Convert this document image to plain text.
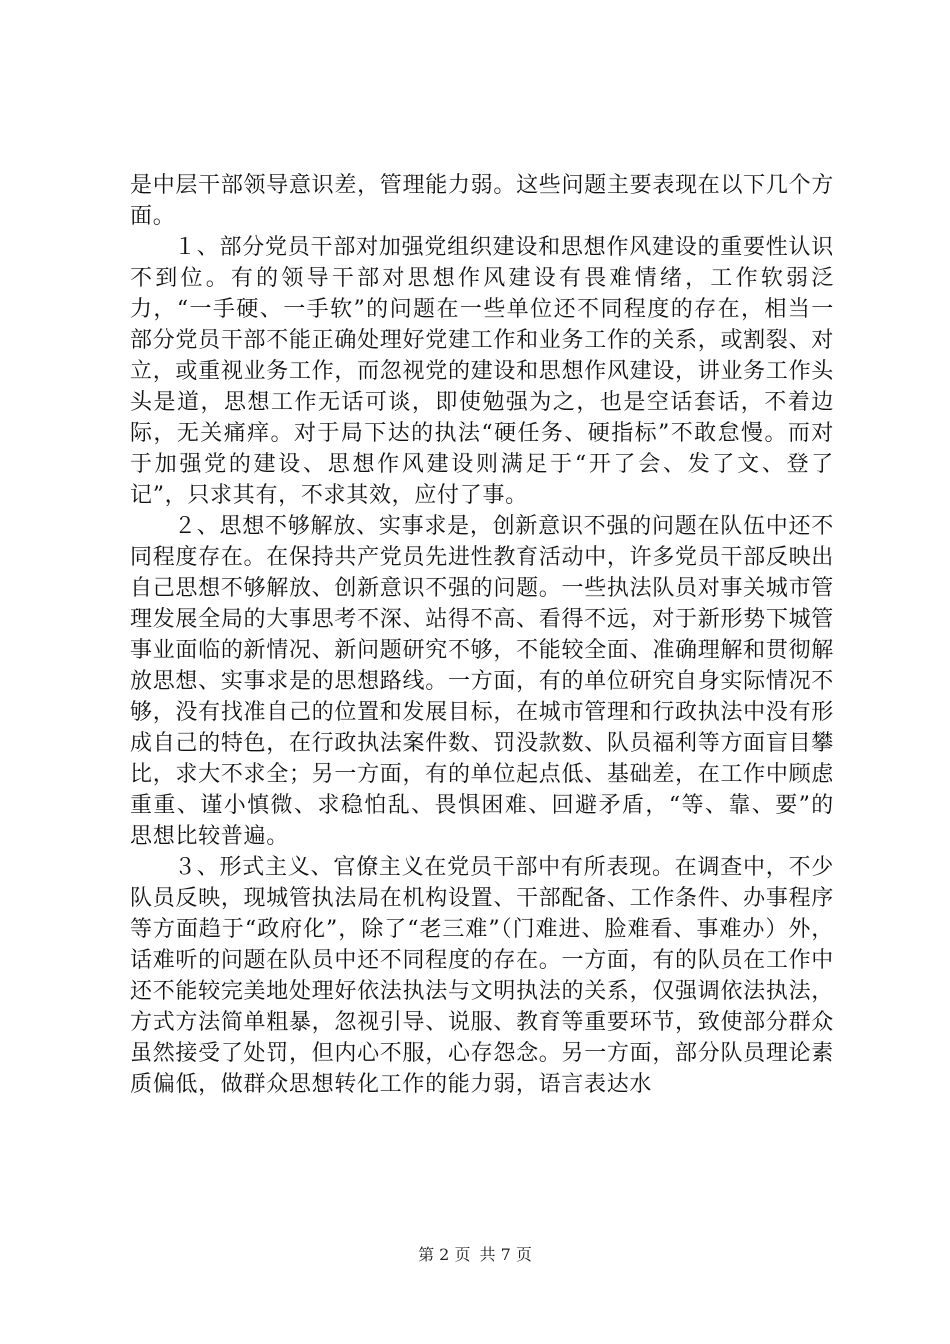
是中层干部领导意识差，管理能力弱。这些问题主要表现在以下几个方面。

１、部分党员干部对加强党组织建设和思想作风建设的重要性认识不到位。有的领导干部对思想作风建设有畏难情绪，工作软弱泛力，“一手硬、一手软”的问题在一些单位还不同程度的存在，相当一部分党员干部不能正确处理好党建工作和业务工作的关系，或割裂、对立，或重视业务工作，而忽视党的建设和思想作风建设，讲业务工作头头是道，思想工作无话可谈，即使勉强为之，也是空话套话，不着边际，无关痛痒。对于局下达的执法“硬任务、硬指标”不敢怠慢。而对于加强党的建设、思想作风建设则满足于“开了会、发了文、登了记”，只求其有，不求其效，应付了事。

２、思想不够解放、实事求是，创新意识不强的问题在队伍中还不同程度存在。在保持共产党员先进性教育活动中，许多党员干部反映出自己思想不够解放、创新意识不强的问题。一些执法队员对事关城市管理发展全局的大事思考不深、站得不高、看得不远，对于新形势下城管事业面临的新情况、新问题研究不够，不能较全面、准确理解和贯彻解放思想、实事求是的思想路线。一方面，有的单位研究自身实际情况不够，没有找准自己的位置和发展目标，在城市管理和行政执法中没有形成自己的特色，在行政执法案件数、罚没款数、队员福利等方面盲目攀比，求大不求全；另一方面，有的单位起点低、基础差，在工作中顾虑重重、谨小慎微、求稳怕乱、畏惧困难、回避矛盾，“等、靠、要”的思想比较普遍。

３、形式主义、官僚主义在党员干部中有所表现。在调查中，不少队员反映，现城管执法局在机构设置、干部配备、工作条件、办事程序等方面趋于“政府化”，除了“老三难”（门难进、脸难看、事难办）外，话难听的问题在队员中还不同程度的存在。一方面，有的队员在工作中还不能较完美地处理好依法执法与文明执法的关系，仅强调依法执法，方式方法简单粗暴，忽视引导、说服、教育等重要环节，致使部分群众虽然接受了处罚，但内心不服，心存怨念。另一方面，部分队员理论素质偏低，做群众思想转化工作的能力弱，语言表达水

第 2 页 共 7 页
